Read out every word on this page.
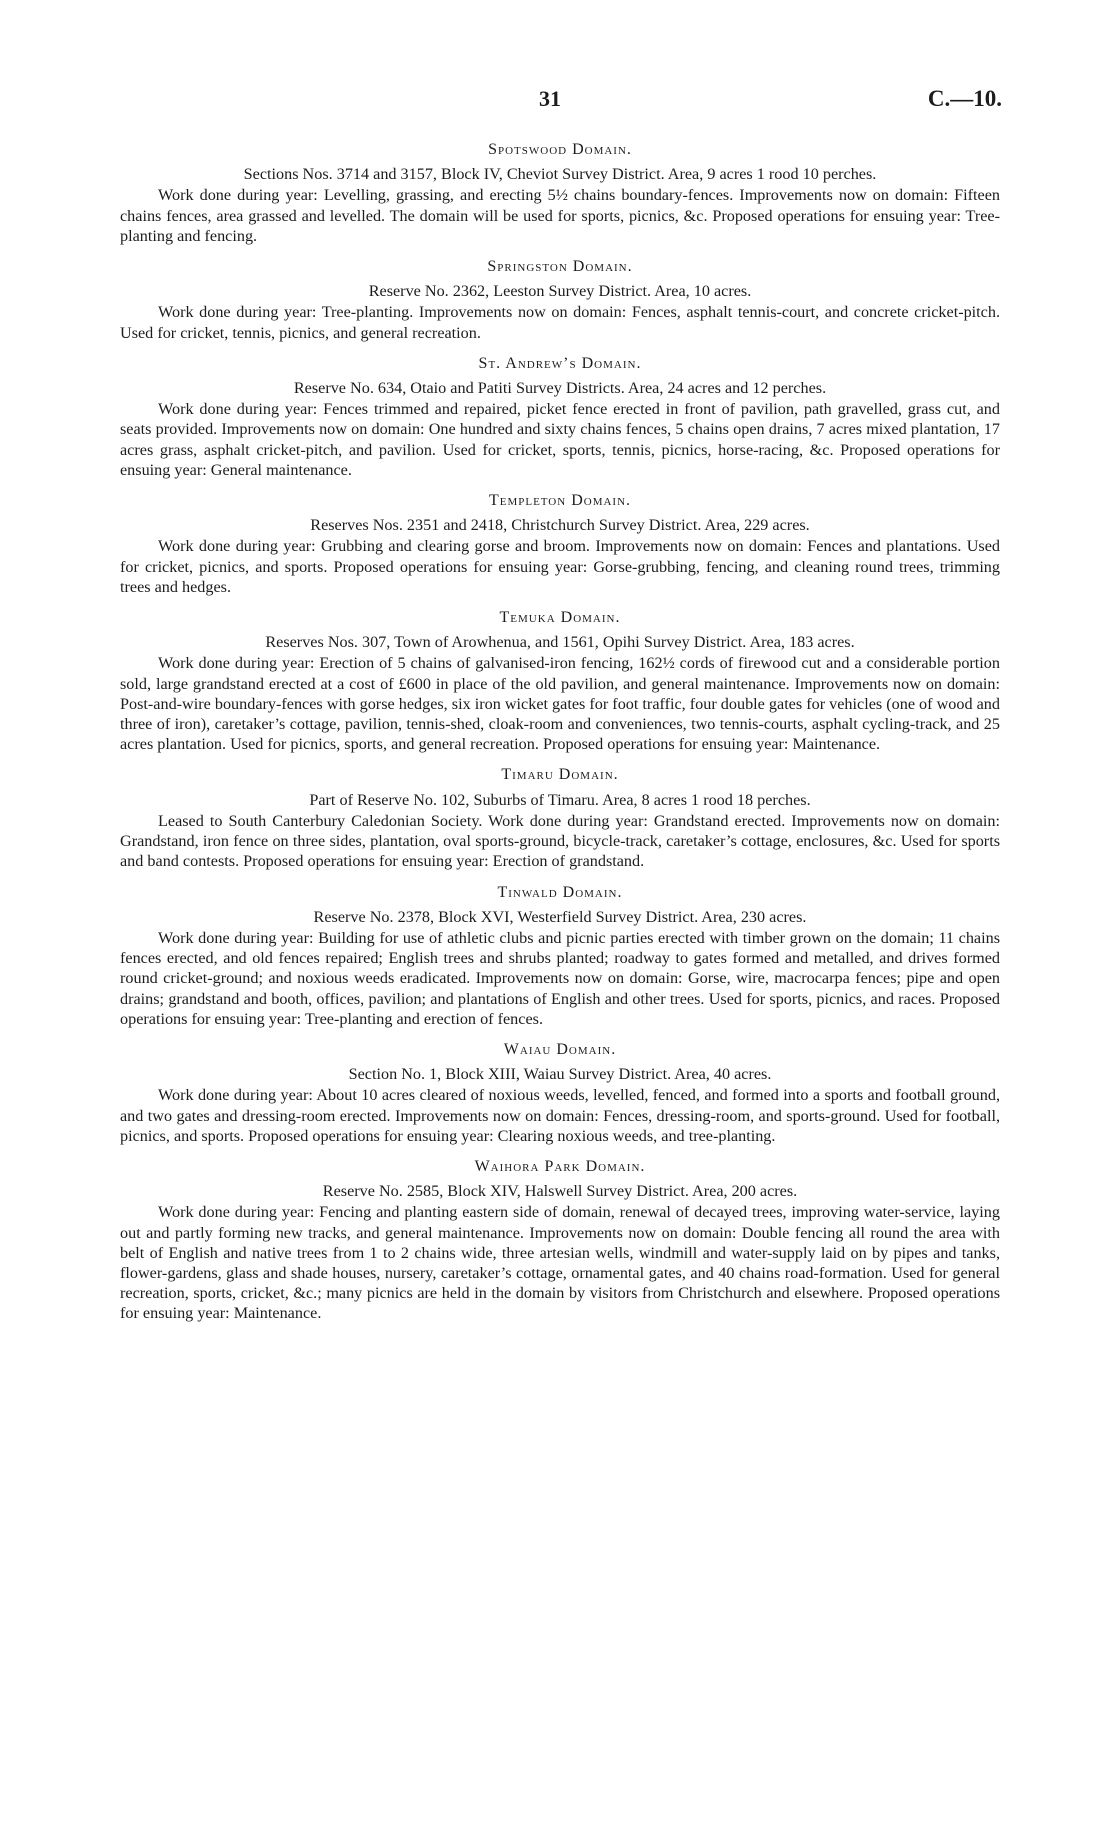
31	C.—10.
Spotswood Domain.
Sections Nos. 3714 and 3157, Block IV, Cheviot Survey District. Area, 9 acres 1 rood 10 perches.

Work done during year: Levelling, grassing, and erecting 5½ chains boundary-fences. Improvements now on domain: Fifteen chains fences, area grassed and levelled. The domain will be used for sports, picnics, &c. Proposed operations for ensuing year: Tree-planting and fencing.

Springston Domain.
Reserve No. 2362, Leeston Survey District. Area, 10 acres.

Work done during year: Tree-planting. Improvements now on domain: Fences, asphalt tennis-court, and concrete cricket-pitch. Used for cricket, tennis, picnics, and general recreation.

St. Andrew’s Domain.
Reserve No. 634, Otaio and Patiti Survey Districts. Area, 24 acres and 12 perches.

Work done during year: Fences trimmed and repaired, picket fence erected in front of pavilion, path gravelled, grass cut, and seats provided. Improvements now on domain: One hundred and sixty chains fences, 5 chains open drains, 7 acres mixed plantation, 17 acres grass, asphalt cricket-pitch, and pavilion. Used for cricket, sports, tennis, picnics, horse-racing, &c. Proposed operations for ensuing year: General maintenance.

Templeton Domain.
Reserves Nos. 2351 and 2418, Christchurch Survey District. Area, 229 acres.

Work done during year: Grubbing and clearing gorse and broom. Improvements now on domain: Fences and plantations. Used for cricket, picnics, and sports. Proposed operations for ensuing year: Gorse-grubbing, fencing, and cleaning round trees, trimming trees and hedges.

Temuka Domain.
Reserves Nos. 307, Town of Arowhenua, and 1561, Opihi Survey District. Area, 183 acres.

Work done during year: Erection of 5 chains of galvanised-iron fencing, 162½ cords of firewood cut and a considerable portion sold, large grandstand erected at a cost of £600 in place of the old pavilion, and general maintenance. Improvements now on domain: Post-and-wire boundary-fences with gorse hedges, six iron wicket gates for foot traffic, four double gates for vehicles (one of wood and three of iron), caretaker’s cottage, pavilion, tennis-shed, cloak-room and conveniences, two tennis-courts, asphalt cycling-track, and 25 acres plantation. Used for picnics, sports, and general recreation. Proposed operations for ensuing year: Maintenance.

Timaru Domain.
Part of Reserve No. 102, Suburbs of Timaru. Area, 8 acres 1 rood 18 perches.

Leased to South Canterbury Caledonian Society. Work done during year: Grandstand erected. Improvements now on domain: Grandstand, iron fence on three sides, plantation, oval sports-ground, bicycle-track, caretaker’s cottage, enclosures, &c. Used for sports and band contests. Proposed operations for ensuing year: Erection of grandstand.

Tinwald Domain.
Reserve No. 2378, Block XVI, Westerfield Survey District. Area, 230 acres.

Work done during year: Building for use of athletic clubs and picnic parties erected with timber grown on the domain; 11 chains fences erected, and old fences repaired; English trees and shrubs planted; roadway to gates formed and metalled, and drives formed round cricket-ground; and noxious weeds eradicated. Improvements now on domain: Gorse, wire, macrocarpa fences; pipe and open drains; grandstand and booth, offices, pavilion; and plantations of English and other trees. Used for sports, picnics, and races. Proposed operations for ensuing year: Tree-planting and erection of fences.

Waiau Domain.
Section No. 1, Block XIII, Waiau Survey District. Area, 40 acres.

Work done during year: About 10 acres cleared of noxious weeds, levelled, fenced, and formed into a sports and football ground, and two gates and dressing-room erected. Improvements now on domain: Fences, dressing-room, and sports-ground. Used for football, picnics, and sports. Proposed operations for ensuing year: Clearing noxious weeds, and tree-planting.

Waihora Park Domain.
Reserve No. 2585, Block XIV, Halswell Survey District. Area, 200 acres.

Work done during year: Fencing and planting eastern side of domain, renewal of decayed trees, improving water-service, laying out and partly forming new tracks, and general maintenance. Improvements now on domain: Double fencing all round the area with belt of English and native trees from 1 to 2 chains wide, three artesian wells, windmill and water-supply laid on by pipes and tanks, flower-gardens, glass and shade houses, nursery, caretaker’s cottage, ornamental gates, and 40 chains road-formation. Used for general recreation, sports, cricket, &c.; many picnics are held in the domain by visitors from Christchurch and elsewhere. Proposed operations for ensuing year: Maintenance.
